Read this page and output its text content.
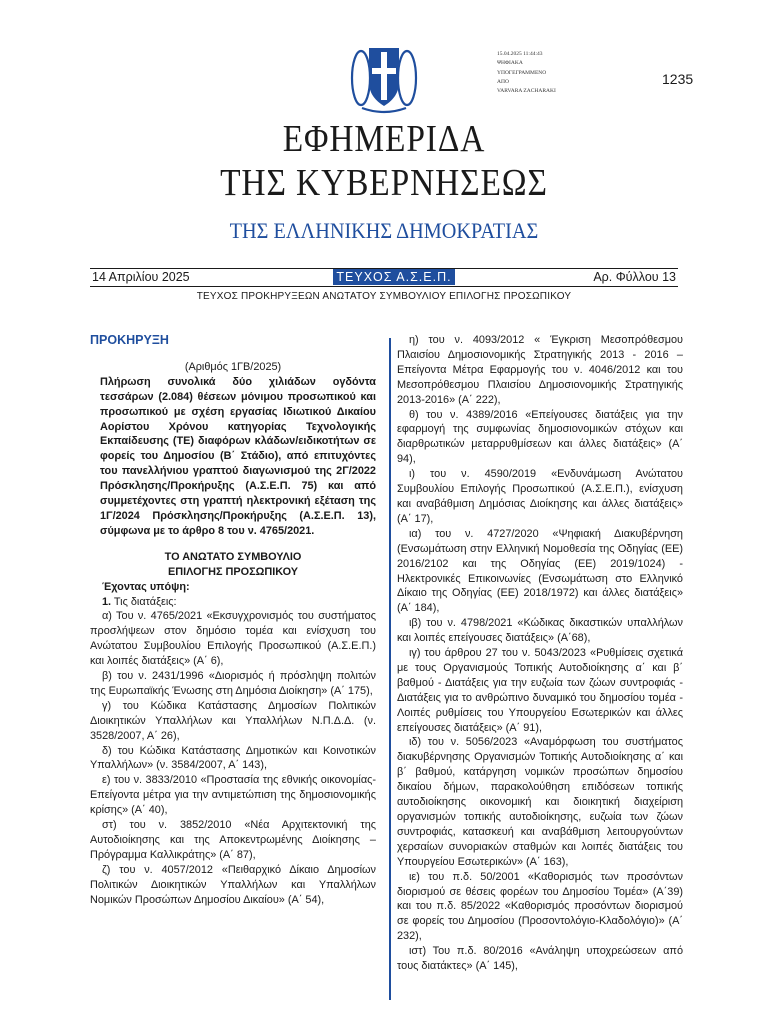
15.04.2025 11:44:43
ΨΗΦΙΑΚΑ
ΥΠΟΓΕΓΡΑΜΜΕΝΟ
ΑΠΟ
VARVARA ZACHARAKI
1235
ΕΦΗΜΕΡΙΔΑ
ΤΗΣ ΚΥΒΕΡΝΗΣΕΩΣ
ΤΗΣ ΕΛΛΗΝΙΚΗΣ ΔΗΜΟΚΡΑΤΙΑΣ
14 Απριλίου 2025	ΤΕΥΧΟΣ Α.Σ.Ε.Π.	Αρ. Φύλλου 13
ΤΕΥΧΟΣ ΠΡΟΚΗΡΥΞΕΩΝ ΑΝΩΤΑΤΟΥ ΣΥΜΒΟΥΛΙΟΥ ΕΠΙΛΟΓΗΣ ΠΡΟΣΩΠΙΚΟΥ
ΠΡΟΚΗΡΥΞΗ

(Αριθμός 1ΓΒ/2025)

Πλήρωση συνολικά δύο χιλιάδων ογδόντα τεσσάρων (2.084) θέσεων μόνιμου προσωπικού και προσωπικού με σχέση εργασίας Ιδιωτικού Δικαίου Αορίστου Χρόνου κατηγορίας Τεχνολογικής Εκπαίδευσης (ΤΕ) διαφόρων κλάδων/ειδικοτήτων σε φορείς του Δημοσίου (Β΄ Στάδιο), από επιτυχόντες του πανελλήνιου γραπτού διαγωνισμού της 2Γ/2022 Πρόσκλησης/Προκήρυξης (Α.Σ.Ε.Π. 75) και από συμμετέχοντες στη γραπτή ηλεκτρονική εξέταση της 1Γ/2024 Πρόσκλησης/Προκήρυξης (Α.Σ.Ε.Π. 13), σύμφωνα με το άρθρο 8 του ν. 4765/2021.

ΤΟ ΑΝΩΤΑΤΟ ΣΥΜΒΟΥΛΙΟ

ΕΠΙΛΟΓΗΣ ΠΡΟΣΩΠΙΚΟΥ

Έχοντας υπόψη:

1. Τις διατάξεις:

α) Του ν. 4765/2021 «Εκσυγχρονισμός του συστήματος προσλήψεων στον δημόσιο τομέα και ενίσχυση του Ανώτατου Συμβουλίου Επιλογής Προσωπικού (Α.Σ.Ε.Π.) και λοιπές διατάξεις» (Α΄ 6),

β) του ν. 2431/1996 «Διορισμός ή πρόσληψη πολιτών της Ευρωπαϊκής Ένωσης στη Δημόσια Διοίκηση» (Α΄ 175),

γ) του Κώδικα Κατάστασης Δημοσίων Πολιτικών Διοικητικών Υπαλλήλων και Υπαλλήλων Ν.Π.Δ.Δ. (ν. 3528/2007, Α΄ 26),

δ) του Κώδικα Κατάστασης Δημοτικών και Κοινοτικών Υπαλλήλων» (ν. 3584/2007, Α΄ 143),

ε) του ν. 3833/2010 «Προστασία της εθνικής οικονομίας-Επείγοντα μέτρα για την αντιμετώπιση της δημοσιονομικής κρίσης» (Α΄ 40),

στ) του ν. 3852/2010 «Νέα Αρχιτεκτονική της Αυτοδιοίκησης και της Αποκεντρωμένης Διοίκησης – Πρόγραμμα Καλλικράτης» (Α΄ 87),

ζ) του ν. 4057/2012 «Πειθαρχικό Δίκαιο Δημοσίων Πολιτικών Διοικητικών Υπαλλήλων και Υπαλλήλων Νομικών Προσώπων Δημοσίου Δικαίου» (Α΄ 54),

η) του ν. 4093/2012 « Έγκριση Μεσοπρόθεσμου Πλαισίου Δημοσιονομικής Στρατηγικής 2013 - 2016 – Επείγοντα Μέτρα Εφαρμογής του ν. 4046/2012 και του Μεσοπρόθεσμου Πλαισίου Δημοσιονομικής Στρατηγικής 2013-2016» (Α΄ 222),

θ) του ν. 4389/2016 «Επείγουσες διατάξεις για την εφαρμογή της συμφωνίας δημοσιονομικών στόχων και διαρθρωτικών μεταρρυθμίσεων και άλλες διατάξεις» (Α΄ 94),

ι) του ν. 4590/2019 «Ενδυνάμωση Ανώτατου Συμβουλίου Επιλογής Προσωπικού (Α.Σ.Ε.Π.), ενίσχυση και αναβάθμιση Δημόσιας Διοίκησης και άλλες διατάξεις» (Α΄ 17),

ια) του ν. 4727/2020 «Ψηφιακή Διακυβέρνηση (Ενσωμάτωση στην Ελληνική Νομοθεσία της Οδηγίας (ΕΕ) 2016/2102 και της Οδηγίας (ΕΕ) 2019/1024) - Ηλεκτρονικές Επικοινωνίες (Ενσωμάτωση στο Ελληνικό Δίκαιο της Οδηγίας (ΕΕ) 2018/1972) και άλλες διατάξεις» (Α΄ 184),

ιβ) του ν. 4798/2021 «Κώδικας δικαστικών υπαλλήλων και λοιπές επείγουσες διατάξεις» (Α΄68),

ιγ) του άρθρου 27 του ν. 5043/2023 «Ρυθμίσεις σχετικά με τους Οργανισμούς Τοπικής Αυτοδιοίκησης α΄ και β΄ βαθμού - Διατάξεις για την ευζωία των ζώων συντροφιάς - Διατάξεις για το ανθρώπινο δυναμικό του δημοσίου τομέα - Λοιπές ρυθμίσεις του Υπουργείου Εσωτερικών και άλλες επείγουσες διατάξεις» (Α΄ 91),

ιδ) του ν. 5056/2023 «Αναμόρφωση του συστήματος διακυβέρνησης Οργανισμών Τοπικής Αυτοδιοίκησης α΄ και β΄ βαθμού, κατάργηση νομικών προσώπων δημοσίου δικαίου δήμων, παρακολούθηση επιδόσεων τοπικής αυτοδιοίκησης οικονομική και διοικητική διαχείριση οργανισμών τοπικής αυτοδιοίκησης, ευζωία των ζώων συντροφιάς, κατασκευή και αναβάθμιση λειτουργούντων χερσαίων συνοριακών σταθμών και λοιπές διατάξεις του Υπουργείου Εσωτερικών» (Α΄ 163),

ιε) του π.δ. 50/2001 «Καθορισμός των προσόντων διορισμού σε θέσεις φορέων του Δημοσίου Τομέα» (Α΄39) και του π.δ. 85/2022 «Καθορισμός προσόντων διορισμού σε φορείς του Δημοσίου (Προσοντολόγιο-Κλαδολόγιο)» (Α΄ 232),

ιστ) Του π.δ. 80/2016 «Ανάληψη υποχρεώσεων από τους διατάκτες» (Α΄ 145),
